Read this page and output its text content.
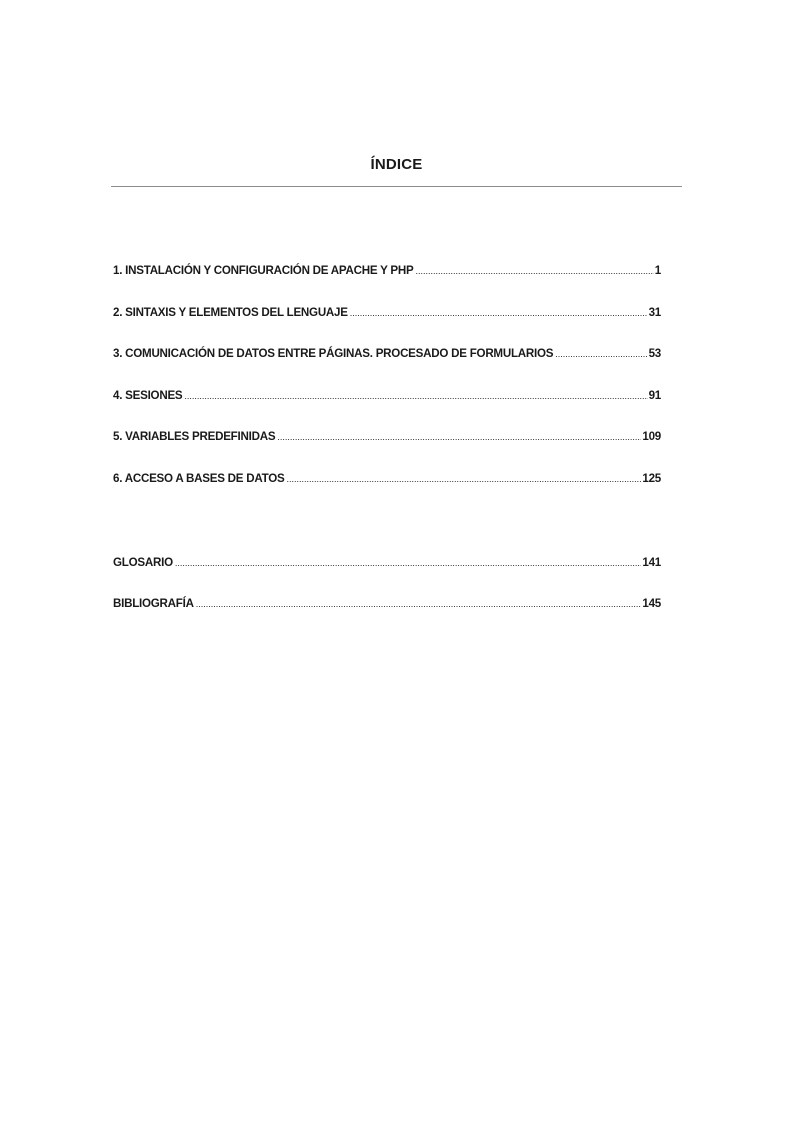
ÍNDICE
1. INSTALACIÓN Y CONFIGURACIÓN DE APACHE Y PHP .....	1
2. SINTAXIS Y ELEMENTOS DEL LENGUAJE .....	31
3. COMUNICACIÓN DE DATOS ENTRE PÁGINAS. PROCESADO DE FORMULARIOS .....	53
4. SESIONES .....	91
5. VARIABLES PREDEFINIDAS .....	109
6. ACCESO A BASES DE DATOS .....	125
GLOSARIO .....	141
BIBLIOGRAFÍA .....	145
